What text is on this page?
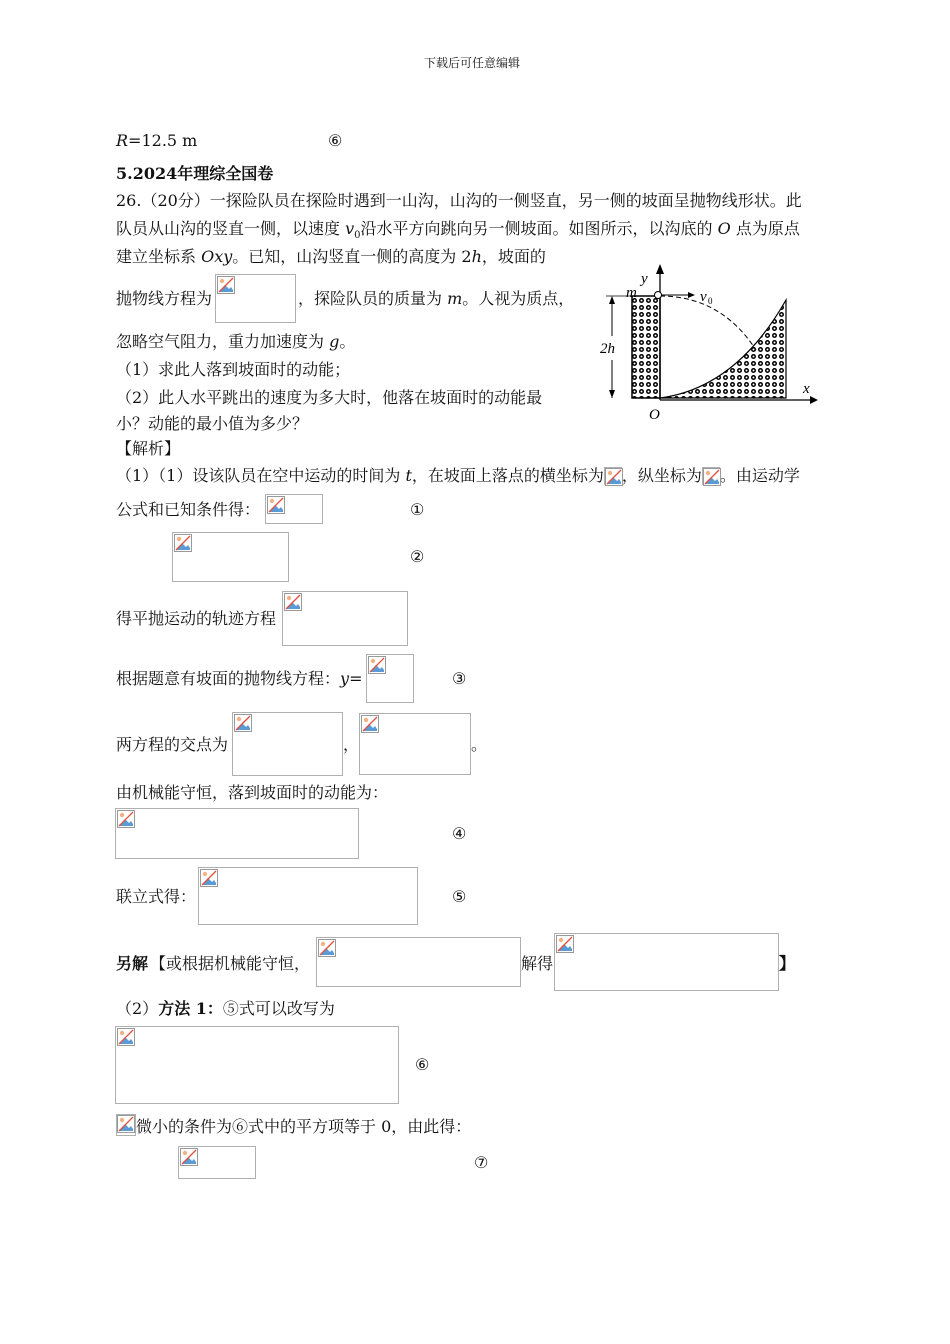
下载后可任意编辑
R=12.5 m	⑥
5.2024年理综全国卷
26.（20分）一探险队员在探险时遇到一山沟，山沟的一侧竖直，另一侧的坡面呈抛物线形状。此
队员从山沟的竖直一侧，以速度 $v_0$沿水平方向跳向另一侧坡面。如图所示，以沟底的 O 点为原点
建立坐标系 Oxy。已知，山沟竖直一侧的高度为 2h，坡面的
抛物线方程为	，探险队员的质量为 m。人视为质点，
忽略空气阻力，重力加速度为 g。
（1）求此人落到坡面时的动能；
（2）此人水平跳出的速度为多大时，他落在坡面时的动能最
小？动能的最小值为多少？
y
m	v 0
2h
x
O
【解析】
（1）（1）设该队员在空中运动的时间为 t，在坡面上落点的横坐标为 ，纵坐标为 。由运动学
公式和已知条件得：	①
②
得平抛运动的轨迹方程
根据题意有坡面的抛物线方程：y=	③
两方程的交点为	，	。
由机械能守恒，落到坡面时的动能为：
④
联立式得：	⑤
另解 【或根据机械能守恒，	解得	】
（2）方法 1：⑤式可以改写为
⑥
微小的条件为⑥式中的平方项等于 0，由此得：
⑦
